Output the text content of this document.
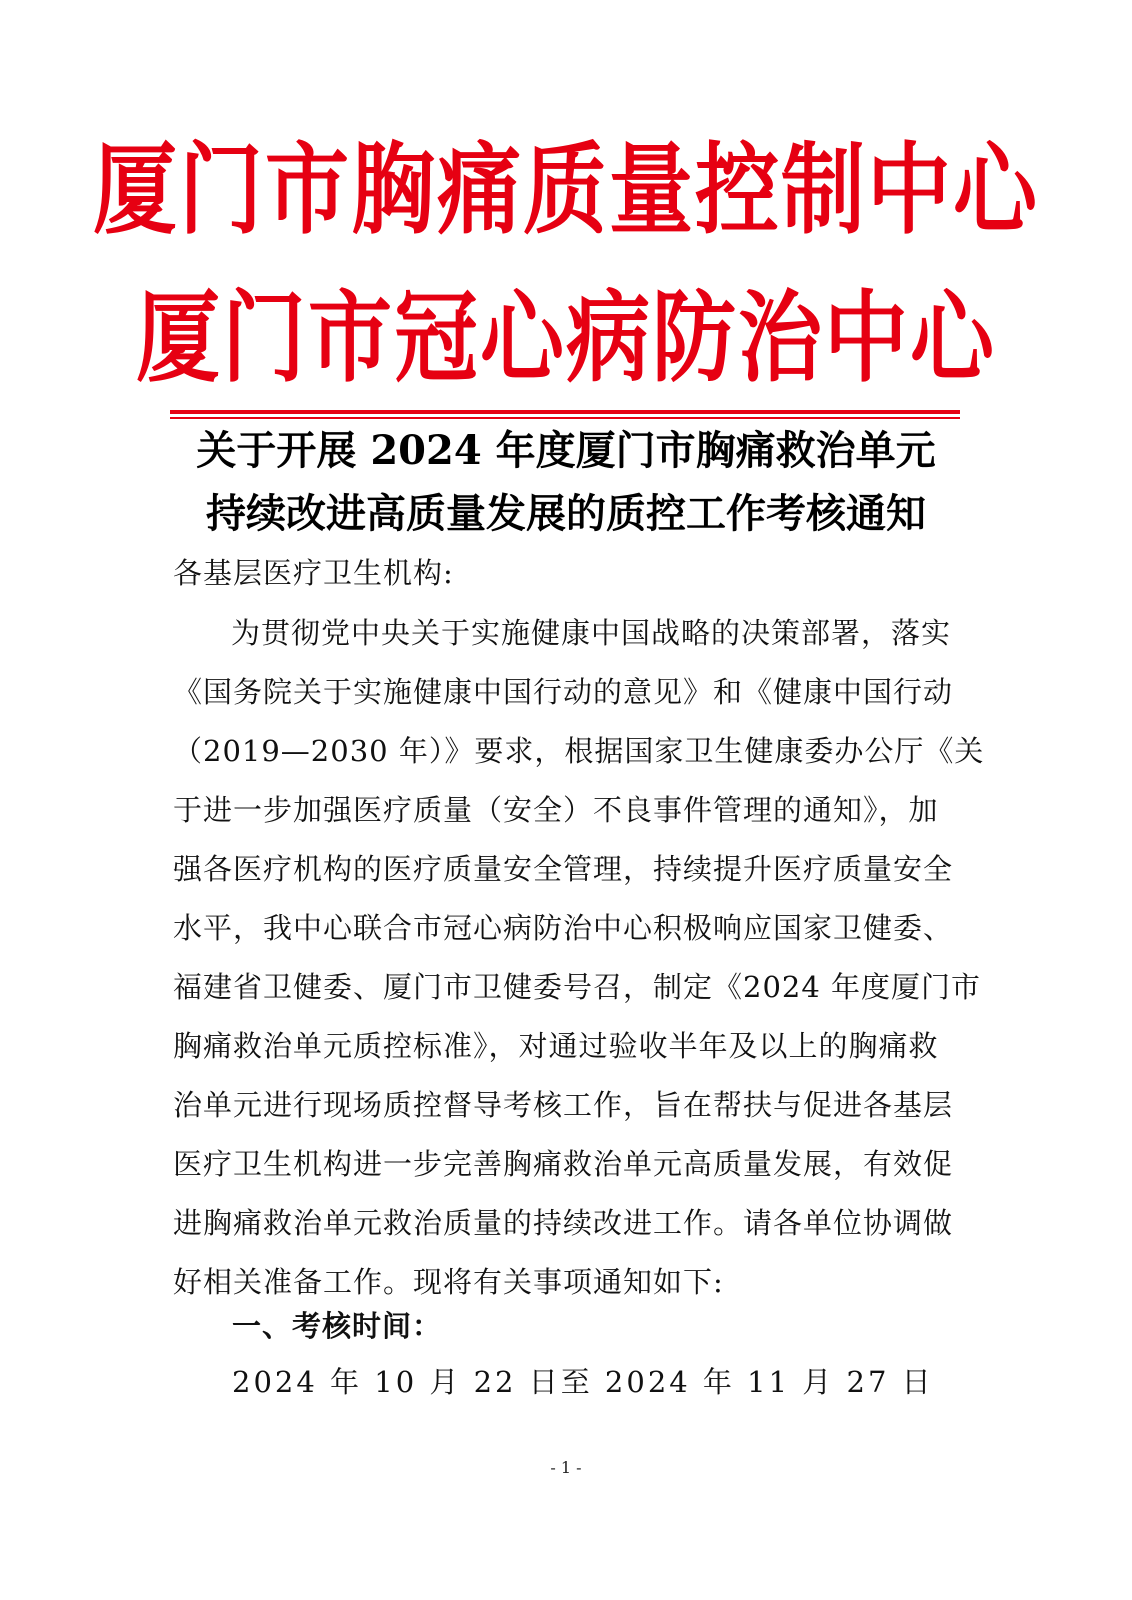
厦门市胸痛质量控制中心
厦门市冠心病防治中心
关于开展 2024 年度厦门市胸痛救治单元
持续改进高质量发展的质控工作考核通知
各基层医疗卫生机构:
为贯彻党中央关于实施健康中国战略的决策部署，落实
《国务院关于实施健康中国行动的意见》和《健康中国行动
（2019—2030 年）》要求，根据国家卫生健康委办公厅《关
于进一步加强医疗质量（安全）不良事件管理的通知》，加
强各医疗机构的医疗质量安全管理，持续提升医疗质量安全
水平，我中心联合市冠心病防治中心积极响应国家卫健委、
福建省卫健委、厦门市卫健委号召，制定《2024 年度厦门市
胸痛救治单元质控标准》，对通过验收半年及以上的胸痛救
治单元进行现场质控督导考核工作，旨在帮扶与促进各基层
医疗卫生机构进一步完善胸痛救治单元高质量发展，有效促
进胸痛救治单元救治质量的持续改进工作。请各单位协调做
好相关准备工作。现将有关事项通知如下:
一、考核时间：
2024 年 10 月 22 日至 2024 年 11 月 27 日
- 1 -
